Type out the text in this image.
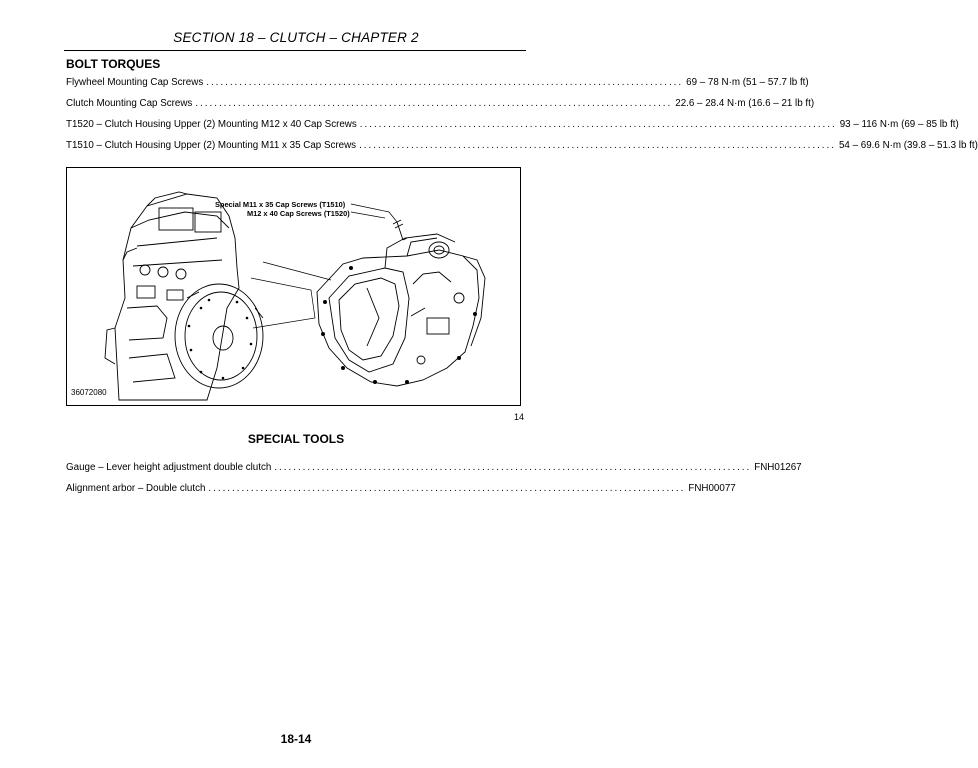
SECTION 18 – CLUTCH – CHAPTER 2
BOLT TORQUES
Flywheel Mounting Cap Screws ..................................................................................................... 69 – 78 N·m (51 – 57.7 lb ft)
Clutch Mounting Cap Screws ..................................................................................................... 22.6 – 28.4 N·m (16.6 – 21 lb ft)
T1520 – Clutch Housing Upper (2) Mounting M12 x 40 Cap Screws ..................................................................................................... 93 – 116 N·m (69 – 85 lb ft)
T1510 – Clutch Housing Upper (2) Mounting M11 x 35 Cap Screws ..................................................................................................... 54 – 69.6 N·m (39.8 – 51.3 lb ft)
Special M11 x 35 Cap Screws (T1510)
M12 x 40 Cap Screws (T1520)
36072080
14
SPECIAL TOOLS
Gauge – Lever height adjustment double clutch ..................................................................................................... FNH01267
Alignment arbor – Double clutch ..................................................................................................... FNH00077
18-14
